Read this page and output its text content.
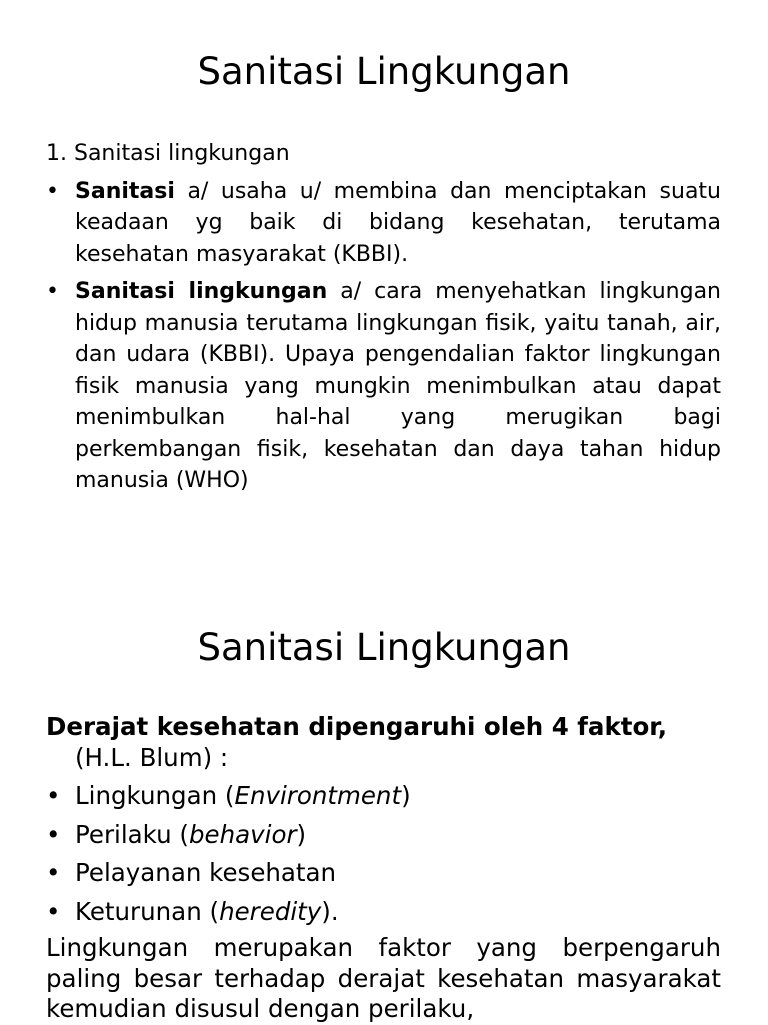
Sanitasi Lingkungan

1. Sanitasi lingkungan

• Sanitasi a/ usaha u/ membina dan menciptakan suatu keadaan yg baik di bidang kesehatan, terutama kesehatan masyarakat (KBBI).
• Sanitasi lingkungan a/ cara menyehatkan lingkungan hidup manusia terutama lingkungan fisik, yaitu tanah, air, dan udara (KBBI). Upaya pengendalian faktor lingkungan fisik manusia yang mungkin menimbulkan atau dapat menimbulkan hal-hal yang merugikan bagi perkembangan fisik, kesehatan dan daya tahan hidup manusia (WHO)
Sanitasi Lingkungan

Derajat kesehatan dipengaruhi oleh 4 faktor, (H.L. Blum) :

• Lingkungan (Environtment)
• Perilaku (behavior)
• Pelayanan kesehatan
• Keturunan (heredity).

Lingkungan merupakan faktor yang berpengaruh paling besar terhadap derajat kesehatan masyarakat kemudian disusul dengan perilaku,
